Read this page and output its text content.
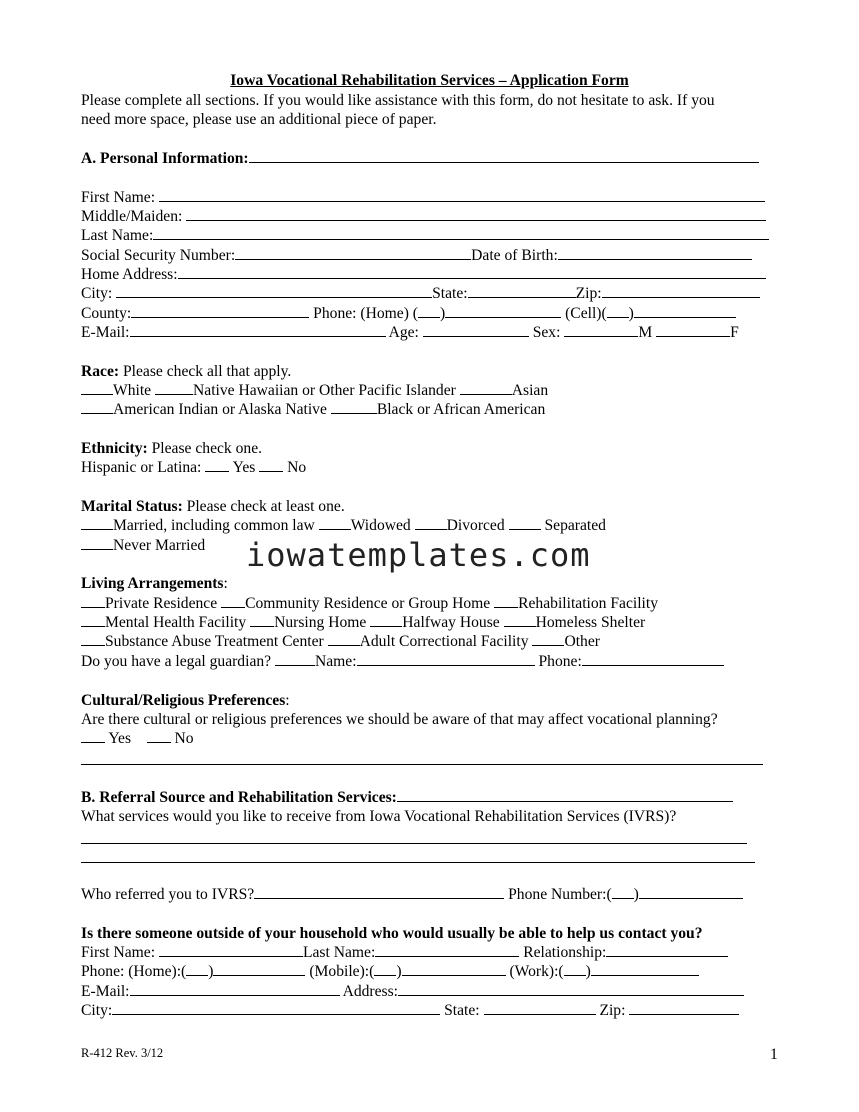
Iowa Vocational Rehabilitation Services – Application Form
Please complete all sections. If you would like assistance with this form, do not hesitate to ask. If you
need more space, please use an additional piece of paper.
A. Personal Information:
First Name:
Middle/Maiden:
Last Name:
Social Security Number:	Date of Birth:
Home Address:
City:	State:	Zip:
County:	Phone: (Home) ( )	(Cell)( )
E-Mail:	Age:	Sex:	M	F
Race: Please check all that apply.
White	Native Hawaiian or Other Pacific Islander	Asian
American Indian or Alaska Native	Black or African American
Ethnicity: Please check one.
Hispanic or Latina: Yes No
Marital Status: Please check at least one.
Married, including common law Widowed Divorced	Separated
Never Married iowatemplates.com
Living Arrangements:
Private Residence Community Residence or Group Home Rehabilitation Facility
Mental Health Facility Nursing Home Halfway House Homeless Shelter
Substance Abuse Treatment Center Adult Correctional Facility Other
Do you have a legal guardian?	Name:	Phone:
Cultural/Religious Preferences:
Are there cultural or religious preferences we should be aware of that may affect vocational planning?
Yes	No
B. Referral Source and Rehabilitation Services:
What services would you like to receive from Iowa Vocational Rehabilitation Services (IVRS)?
Who referred you to IVRS?	Phone Number:( )
Is there someone outside of your household who would usually be able to help us contact you?
First Name:	Last Name:	Relationship:
Phone: (Home):( )	(Mobile):( )	(Work):( )
E-Mail:	Address:
City:	State:	Zip:
R-412 Rev. 3/12	1
